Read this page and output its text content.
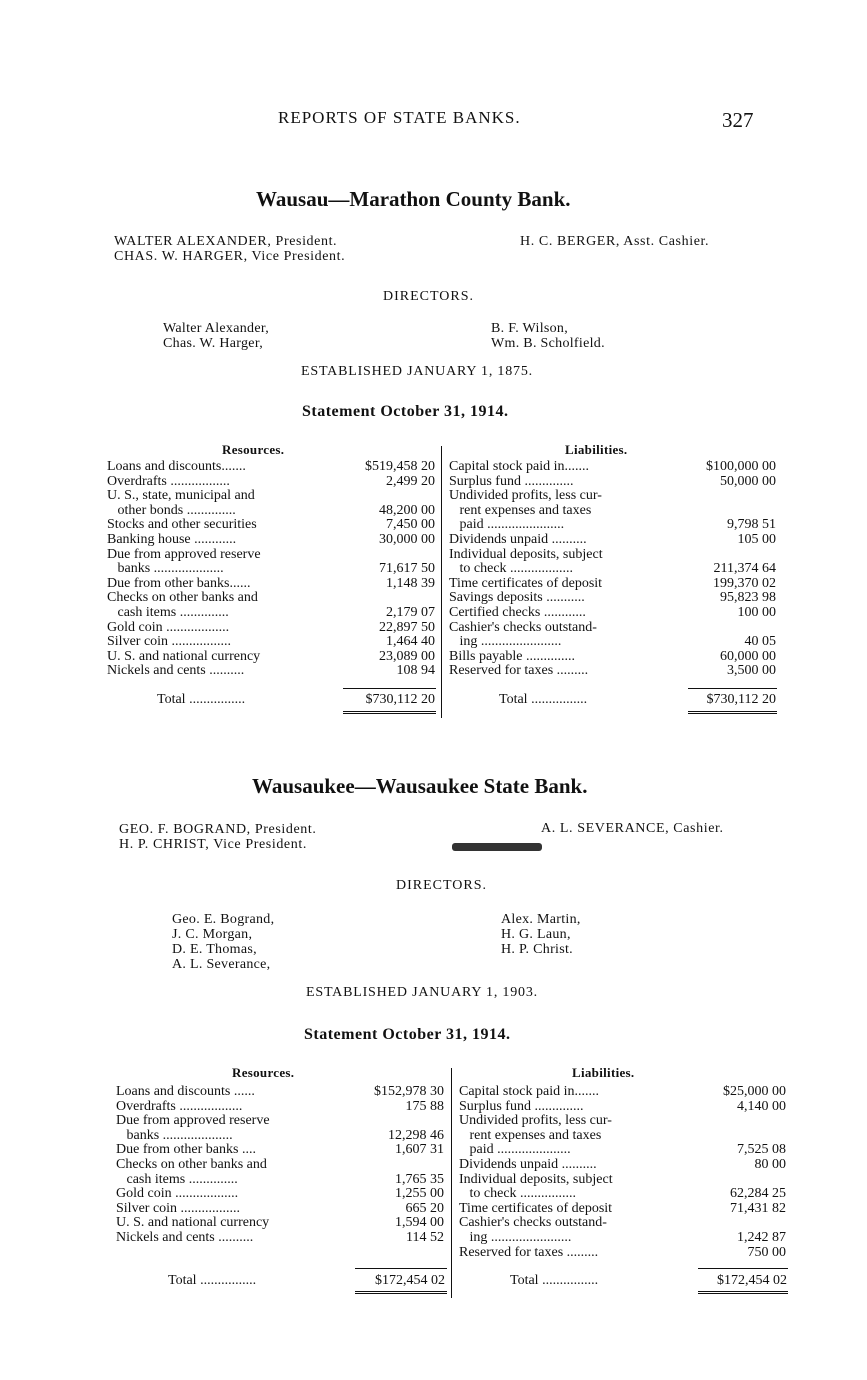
REPORTS OF STATE BANKS.	327
Wausau—Marathon County Bank.
WALTER ALEXANDER, President.
CHAS. W. HARGER, Vice President.
H. C. BERGER, Asst. Cashier.
DIRECTORS.
Walter Alexander,
Chas. W. Harger,
B. F. Wilson,
Wm. B. Scholfield.
ESTABLISHED JANUARY 1, 1875.
Statement October 31, 1914.
Resources.	Liabilities.
Loans and discounts.......	$519,458 20
Overdrafts .................	2,499 20
U. S., state, municipal and
other bonds ..............	48,200 00
Stocks and other securities	7,450 00
Banking house ............	30,000 00
Due from approved reserve
banks ....................	71,617 50
Due from other banks......	1,148 39
Checks on other banks and
cash items ..............	2,179 07
Gold coin ..................	22,897 50
Silver coin .................	1,464 40
U. S. and national currency	23,089 00
Nickels and cents ..........	108 94
Capital stock paid in.......	$100,000 00
Surplus fund ..............	50,000 00
Undivided profits, less cur-
rent expenses and taxes
paid ......................	9,798 51
Dividends unpaid ..........	105 00
Individual deposits, subject
to check ..................	211,374 64
Time certificates of deposit	199,370 02
Savings deposits ...........	95,823 98
Certified checks ............	100 00
Cashier's checks outstand-
ing .......................	40 05
Bills payable ..............	60,000 00
Reserved for taxes .........	3,500 00
Total ................	$730,112 20	Total ................	$730,112 20
Wausaukee—Wausaukee State Bank.
GEO. F. BOGRAND, President.
H. P. CHRIST, Vice President.
A. L. SEVERANCE, Cashier.
DIRECTORS.
Geo. E. Bogrand,
J. C. Morgan,
D. E. Thomas,
A. L. Severance,
Alex. Martin,
H. G. Laun,
H. P. Christ.
ESTABLISHED JANUARY 1, 1903.
Statement October 31, 1914.
Resources.	Liabilities.
Loans and discounts ......	$152,978 30
Overdrafts ..................	175 88
Due from approved reserve
banks ....................	12,298 46
Due from other banks ....	1,607 31
Checks on other banks and
cash items ..............	1,765 35
Gold coin ..................	1,255 00
Silver coin .................	665 20
U. S. and national currency	1,594 00
Nickels and cents ..........	114 52
Capital stock paid in.......	$25,000 00
Surplus fund ..............	4,140 00
Undivided profits, less cur-
rent expenses and taxes
paid .....................	7,525 08
Dividends unpaid ..........	80 00
Individual deposits, subject
to check ................	62,284 25
Time certificates of deposit	71,431 82
Cashier's checks outstand-
ing .......................	1,242 87
Reserved for taxes .........	750 00
Total ................	$172,454 02	Total ................	$172,454 02
